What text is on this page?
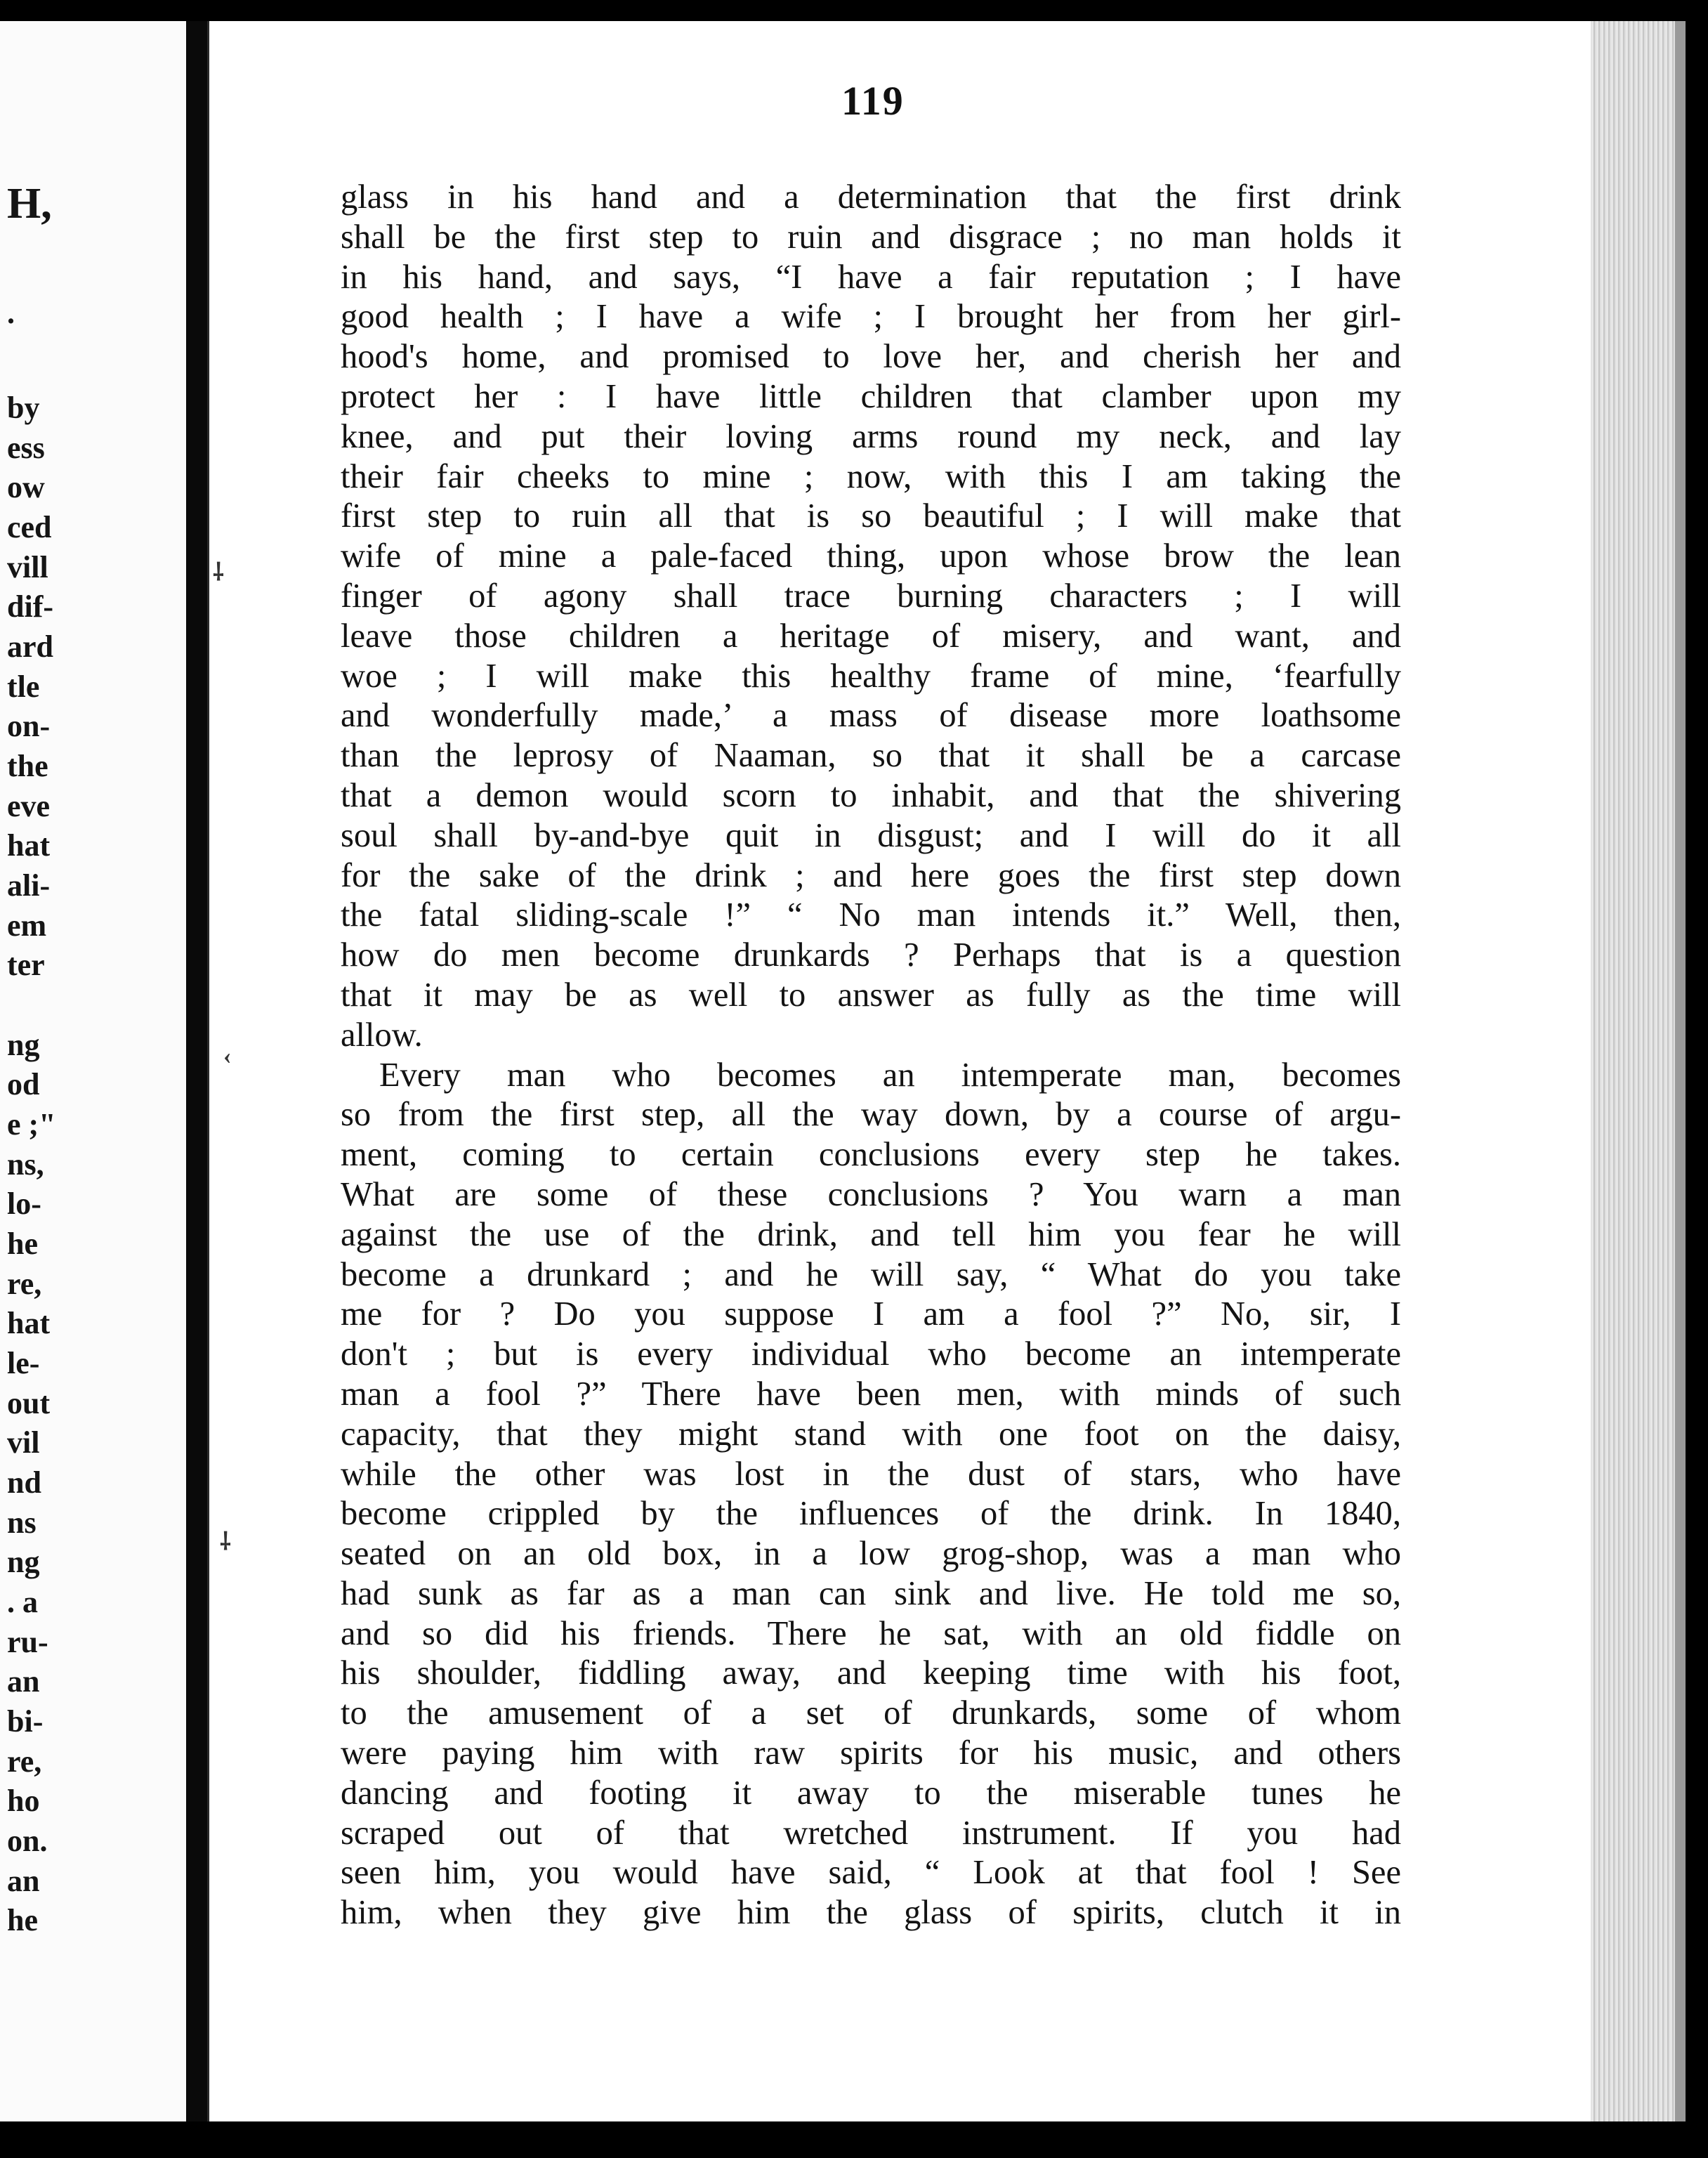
H,
.
by
ess
ow
ced
vill
dif-
ard
tle
on-
the
eve
hat
ali-
em
ter
ng
od
e ;"
ns,
lo-
he
re,
hat
le-
out
vil
nd
ns
ng
. a
ru-
an
bi-
re,
ho
on.
an
he
119
⸸
‹
⸸
glass in his hand and a determination that the first drink
shall be the first step to ruin and disgrace ; no man holds it
in his hand, and says, “I have a fair reputation ; I have
good health ; I have a wife ; I brought her from her girl-
hood's home, and promised to love her, and cherish her and
protect her : I have little children that clamber upon my
knee, and put their loving arms round my neck, and lay
their fair cheeks to mine ; now, with this I am taking the
first step to ruin all that is so beautiful ; I will make that
wife of mine a pale-faced thing, upon whose brow the lean
finger of agony shall trace burning characters ; I will
leave those children a heritage of misery, and want, and
woe ; I will make this healthy frame of mine, ‘fearfully
and wonderfully made,’ a mass of disease more loathsome
than the leprosy of Naaman, so that it shall be a carcase
that a demon would scorn to inhabit, and that the shivering
soul shall by-and-bye quit in disgust; and I will do it all
for the sake of the drink ; and here goes the first step down
the fatal sliding-scale !” “ No man intends it.” Well, then,
how do men become drunkards ? Perhaps that is a question
that it may be as well to answer as fully as the time will
allow.
Every man who becomes an intemperate man, becomes
so from the first step, all the way down, by a course of argu-
ment, coming to certain conclusions every step he takes.
What are some of these conclusions ? You warn a man
against the use of the drink, and tell him you fear he will
become a drunkard ; and he will say, “ What do you take
me for ? Do you suppose I am a fool ?” No, sir, I
don't ; but is every individual who become an intemperate
man a fool ?” There have been men, with minds of such
capacity, that they might stand with one foot on the daisy,
while the other was lost in the dust of stars, who have
become crippled by the influences of the drink. In 1840,
seated on an old box, in a low grog-shop, was a man who
had sunk as far as a man can sink and live. He told me so,
and so did his friends. There he sat, with an old fiddle on
his shoulder, fiddling away, and keeping time with his foot,
to the amusement of a set of drunkards, some of whom
were paying him with raw spirits for his music, and others
dancing and footing it away to the miserable tunes he
scraped out of that wretched instrument. If you had
seen him, you would have said, “ Look at that fool ! See
him, when they give him the glass of spirits, clutch it in
